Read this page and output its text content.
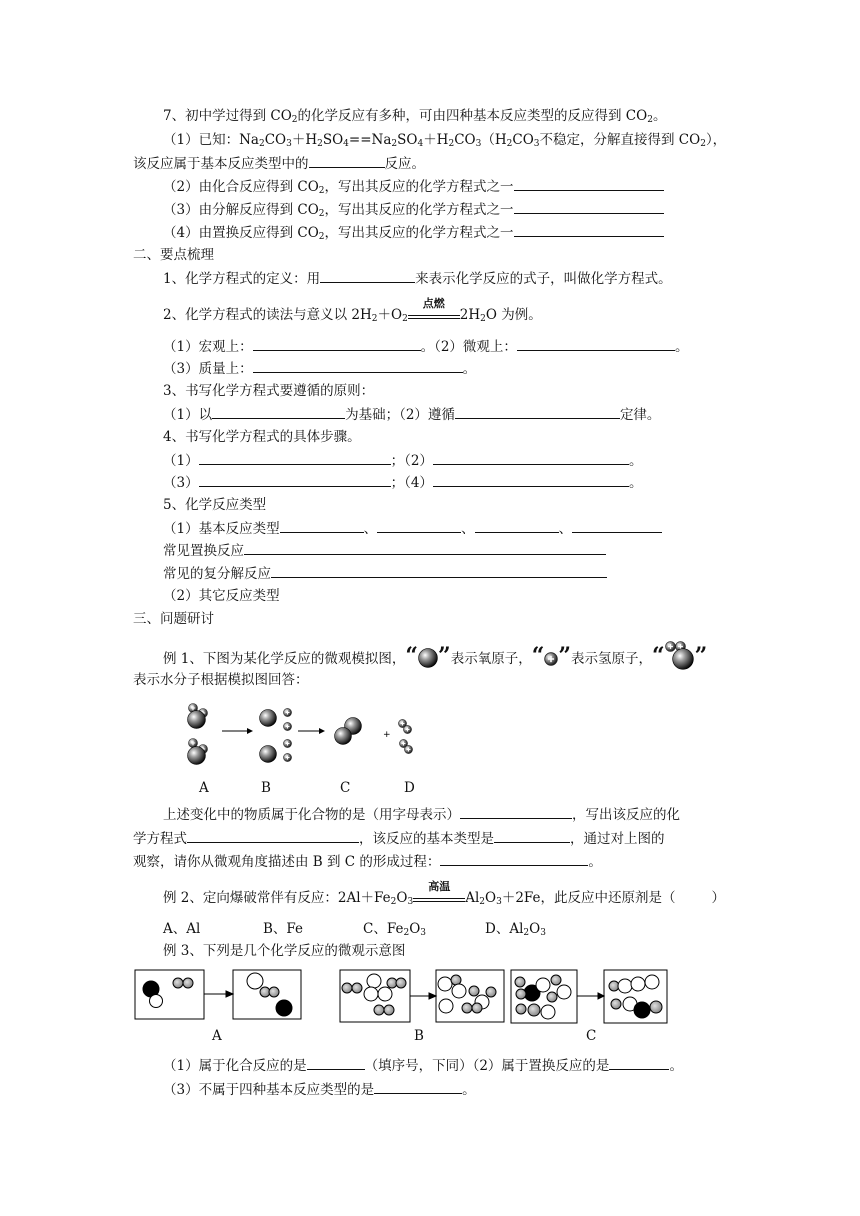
7、初中学过得到 $CO_2$的化学反应有多种，可由四种基本反应类型的反应得到 $CO_2$。
（1）已知：$Na_2CO_3+H_2SO_4==Na_2SO_4+H_2CO_3(H_2CO_3$不稳定，分解直接得到 $CO_2$），
该反应属于基本反应类型中的	反应。
（2）由化合反应得到 $CO_2$，写出其反应的化学方程式之一
（3）由分解反应得到 $CO_2$，写出其反应的化学方程式之一
（4）由置换反应得到 $CO_2$，写出其反应的化学方程式之一
二、要点梳理
1、化学方程式的定义：用	来表示化学反应的式子，叫做化学方程式。
2、化学方程式的读法与意义以 $2H_2+O_2$
点燃
$2H_2O$ 为例。
（1）宏观上：	。（2）微观上：	。
（3）质量上：	。
3、书写化学方程式要遵循的原则：
（1）以	为基础；（2）遵循	定律。
4、书写化学方程式的具体步骤。
（1）	；（2）	。
（3）	；（4）	。
5、化学反应类型
（1）基本反应类型	、	、	、
常见置换反应
常见的复分解反应
（2）其它反应类型
三、问题研讨
例 1、下图为某化学反应的微观模拟图，“ ”表示氧原子，“ ”表示氢原子，“ ”
表示水分子根据模拟图回答：
+
A	B	C	D
上述变化中的物质属于化合物的是（用字母表示）	，写出该反应的化
学方程式	，该反应的基本类型是	，通过对上图的
观察，请你从微观角度描述由 B 到 C 的形成过程：	。
例 2、定向爆破常伴有反应：$2Al+Fe_2O_3$
高温
$Al_2O_3+2Fe$，此反应中还原剂是（	）
A、Al	B、Fe	C、$Fe_2O_3$	D、$Al_2O_3$
例 3、下列是几个化学反应的微观示意图
A	B	C
（1）属于化合反应的是	（填序号，下同）（2）属于置换反应的是	。
（3）不属于四种基本反应类型的是	。
